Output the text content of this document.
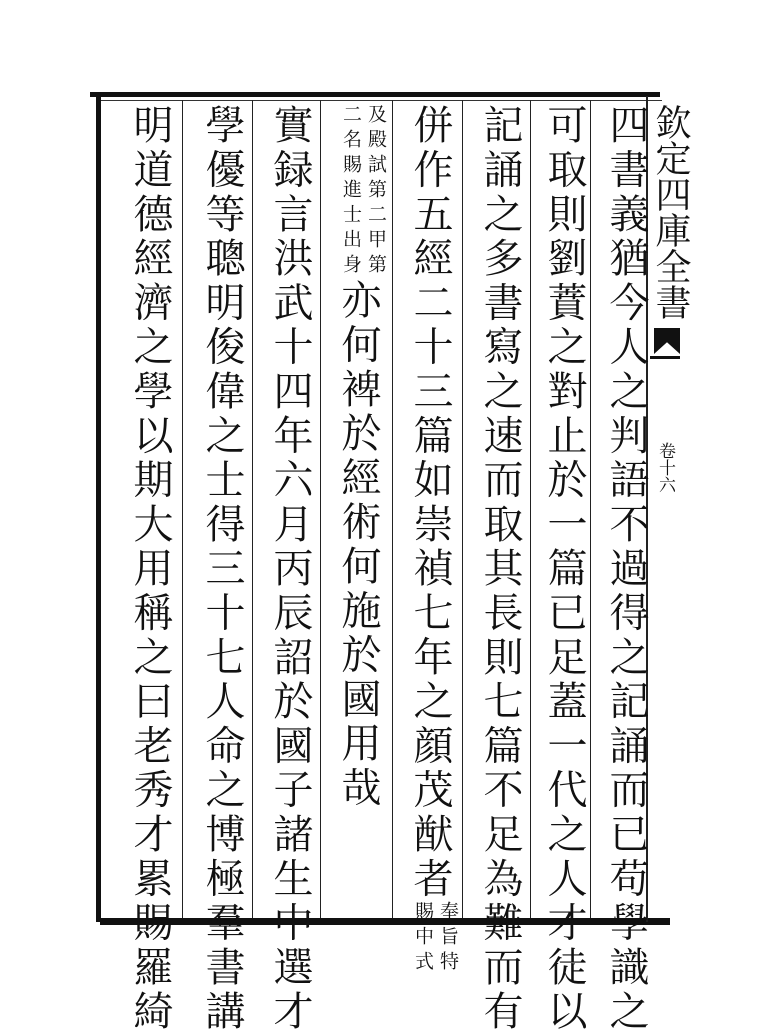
欽定四庫全書
卷十六
四書義猶今人之判語不過得之記誦而已苟學識之
可取則劉蕡之對止於一篇已足蓋一代之人才徒以
記誦之多書寫之速而取其長則七篇不足為難而有
併作五經二十三篇如崇禎七年之顔茂猷者
奉旨特
賜中式
及殿試第二甲第
二名賜進士出身
亦何裨於經術何施於國用哉
實録言洪武十四年六月丙辰詔於國子諸生中選才
學優等聰明俊偉之士得三十七人命之博極羣書講
明道德經濟之學以期大用稱之曰老秀才累賜羅綺
